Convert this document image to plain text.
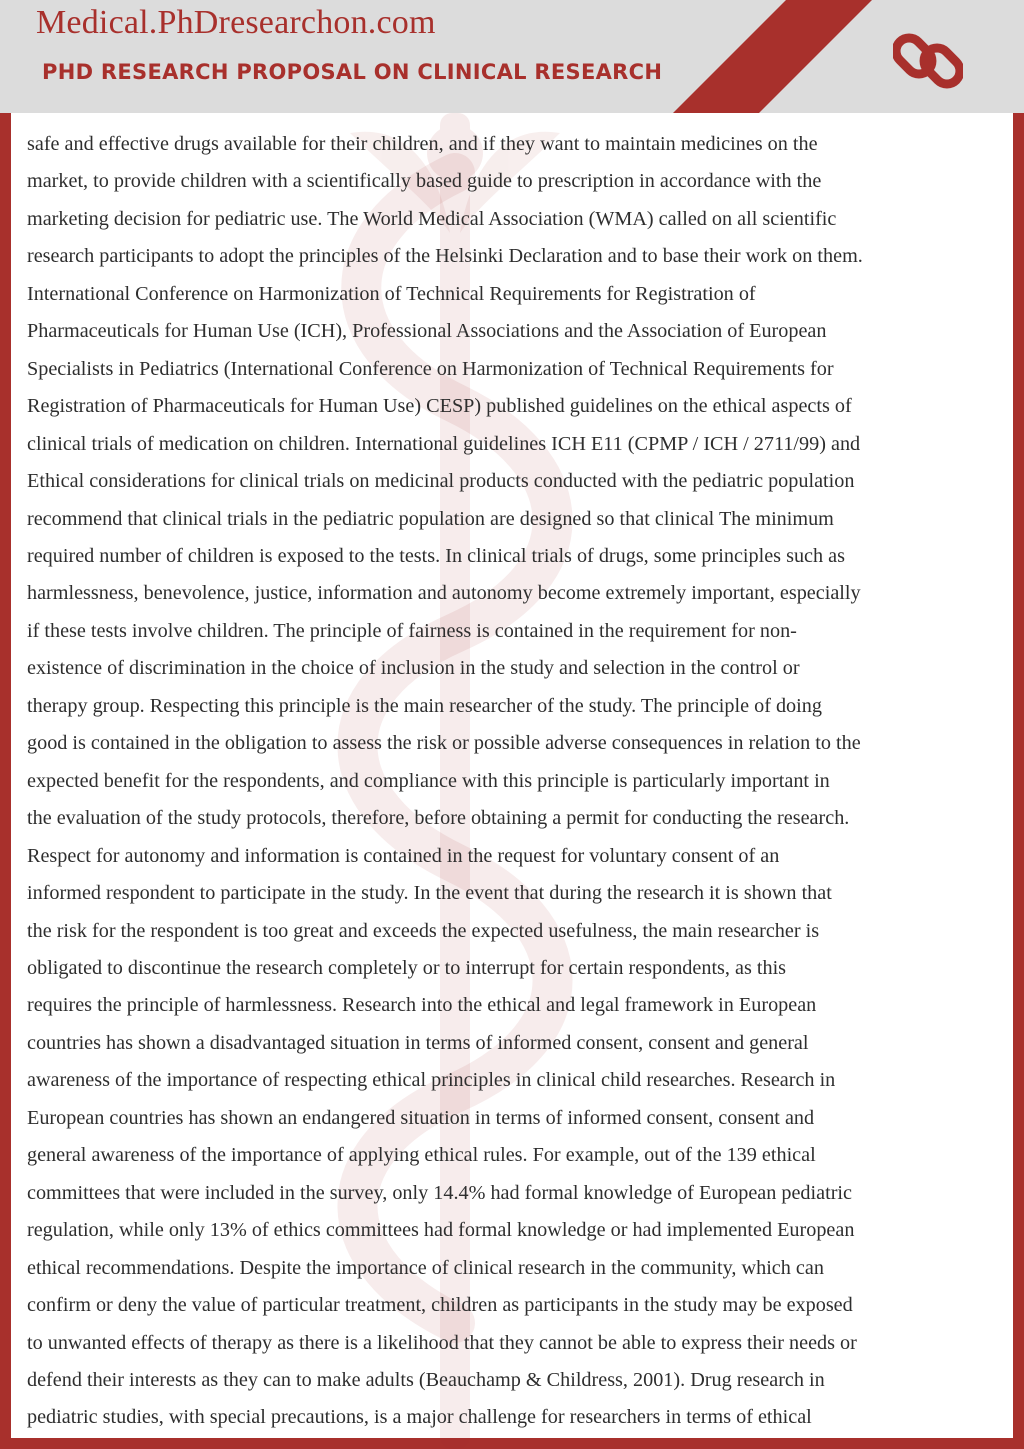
Medical.PhDresearchon.com
PHD RESEARCH PROPOSAL ON CLINICAL RESEARCH

safe and effective drugs available for their children, and if they want to maintain medicines on the
market, to provide children with a scientifically based guide to prescription in accordance with the
marketing decision for pediatric use. The World Medical Association (WMA) called on all scientific
research participants to adopt the principles of the Helsinki Declaration and to base their work on them.
International Conference on Harmonization of Technical Requirements for Registration of
Pharmaceuticals for Human Use (ICH), Professional Associations and the Association of European
Specialists in Pediatrics (International Conference on Harmonization of Technical Requirements for
Registration of Pharmaceuticals for Human Use) CESP) published guidelines on the ethical aspects of
clinical trials of medication on children. International guidelines ICH E11 (CPMP / ICH / 2711/99) and
Ethical considerations for clinical trials on medicinal products conducted with the pediatric population
recommend that clinical trials in the pediatric population are designed so that clinical The minimum
required number of children is exposed to the tests. In clinical trials of drugs, some principles such as
harmlessness, benevolence, justice, information and autonomy become extremely important, especially
if these tests involve children. The principle of fairness is contained in the requirement for non-
existence of discrimination in the choice of inclusion in the study and selection in the control or
therapy group. Respecting this principle is the main researcher of the study. The principle of doing
good is contained in the obligation to assess the risk or possible adverse consequences in relation to the
expected benefit for the respondents, and compliance with this principle is particularly important in
the evaluation of the study protocols, therefore, before obtaining a permit for conducting the research.
Respect for autonomy and information is contained in the request for voluntary consent of an
informed respondent to participate in the study. In the event that during the research it is shown that
the risk for the respondent is too great and exceeds the expected usefulness, the main researcher is
obligated to discontinue the research completely or to interrupt for certain respondents, as this
requires the principle of harmlessness. Research into the ethical and legal framework in European
countries has shown a disadvantaged situation in terms of informed consent, consent and general
awareness of the importance of respecting ethical principles in clinical child researches. Research in
European countries has shown an endangered situation in terms of informed consent, consent and
general awareness of the importance of applying ethical rules. For example, out of the 139 ethical
committees that were included in the survey, only 14.4% had formal knowledge of European pediatric
regulation, while only 13% of ethics committees had formal knowledge or had implemented European
ethical recommendations. Despite the importance of clinical research in the community, which can
confirm or deny the value of particular treatment, children as participants in the study may be exposed
to unwanted effects of therapy as there is a likelihood that they cannot be able to express their needs or
defend their interests as they can to make adults (Beauchamp & Childress, 2001). Drug research in
pediatric studies, with special precautions, is a major challenge for researchers in terms of ethical
